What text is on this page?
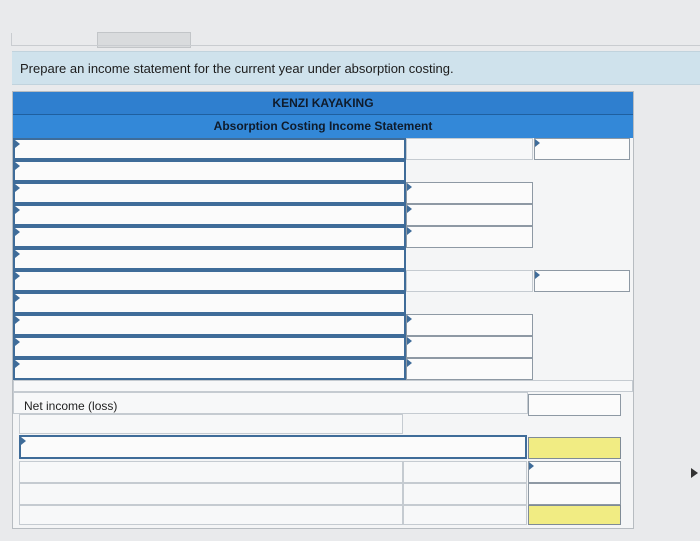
Prepare an income statement for the current year under absorption costing.
KENZI KAYAKING
Absorption Costing Income Statement
Net income (loss)
